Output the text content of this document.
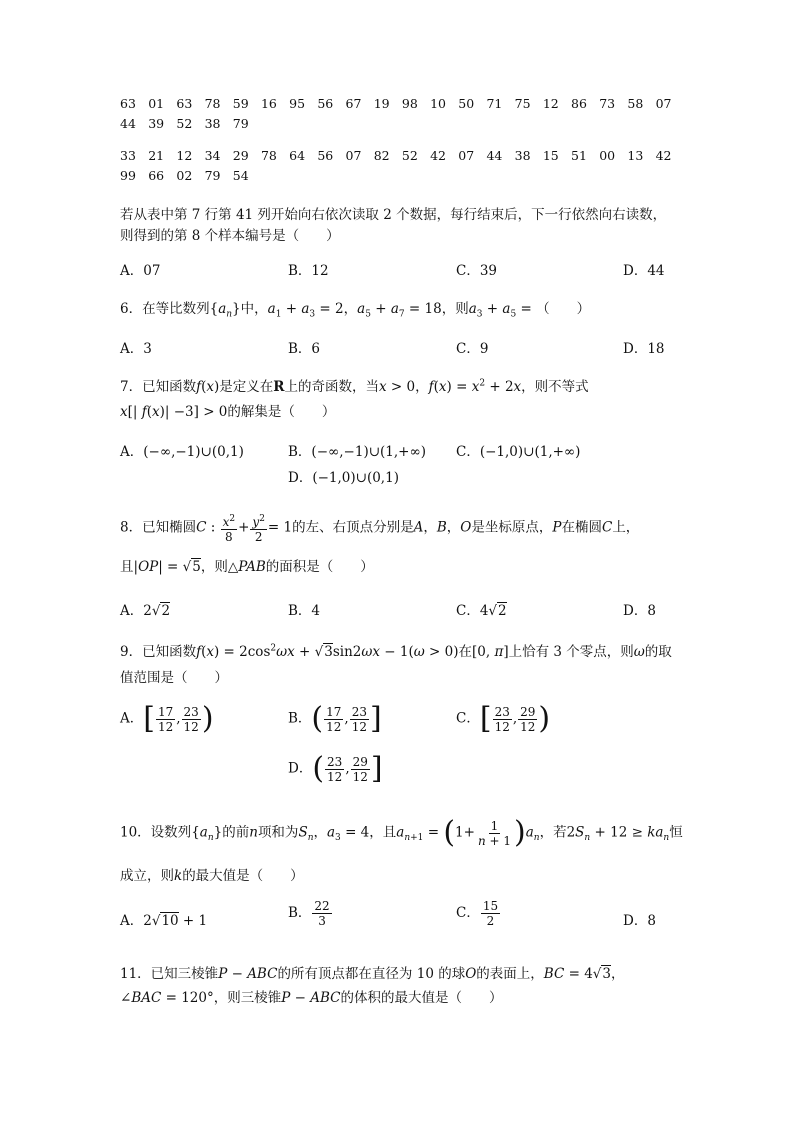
63 01 63 78 59 16 95 56 67 19 98 10 50 71 75 12 86 73 58 07
44 39 52 38 79
33 21 12 34 29 78 64 56 07 82 52 42 07 44 38 15 51 00 13 42
99 66 02 79 54
若从表中第 7 行第 41 列开始向右依次读取 2 个数据，每行结束后，下一行依然向右读数，
则得到的第 8 个样本编号是（　　）
A．07	B．12	C．39	D．44
6．在等比数列$\{a_n\}$中，$a_1 + a_3 = 2$，$a_5 + a_7 = 18$，则$a_3 + a_5$ = （　　）
A．3	B．6	C．9	D．18
7．已知函数f(x)是定义在R上的奇函数，当x > 0，$f(x) = x^2 + 2x$，则不等式
x[| f(x)| −3] > 0的解集是（　　）
A．(−∞,−1)∪(0,1)	B．(−∞,−1)∪(1,+∞) C．(−1,0)∪(1,+∞)
D．(−1,0)∪(0,1)
8．已知椭圆C : $\frac{x^2}{8} + \frac{y^2}{2} = 1$的左、右顶点分别是A，B，O是坐标原点，P在椭圆C上，
且|OP| = √5，则△PAB的面积是（　　）
A．2√2	B．4	C．4√2	D．8
9．已知函数$f(x) = 2\cos^2\omega x + √3\sin 2\omega x - 1(\omega > 0)$在[0, π]上恰有 3 个零点，则ω的取
值范围是（　　）
A．[ $\frac{17}{12}$ , $\frac{23}{12}$ )	B．( $\frac{17}{12}$ , $\frac{23}{12}$ ]	C．[ $\frac{23}{12}$ , $\frac{29}{12}$ )
D．( $\frac{23}{12}$ , $\frac{29}{12}$ ]
10．设数列$\{a_n\}$的前n项和为$S_n$，$a_3 = 4$，且$a_{n+1} = (1+ \frac{1}{n + 1} )a_n$，若$2S_n + 12 \ge ka_n$恒
成立，则k的最大值是（　　）
A．2√10 + 1	B． $\frac{22}{3}$	C． $\frac{15}{2}$	D．8
11．已知三棱锥P − ABC的所有顶点都在直径为 10 的球O的表面上，BC = 4√3，
∠BAC = 120°，则三棱锥P − ABC的体积的最大值是（　　）
